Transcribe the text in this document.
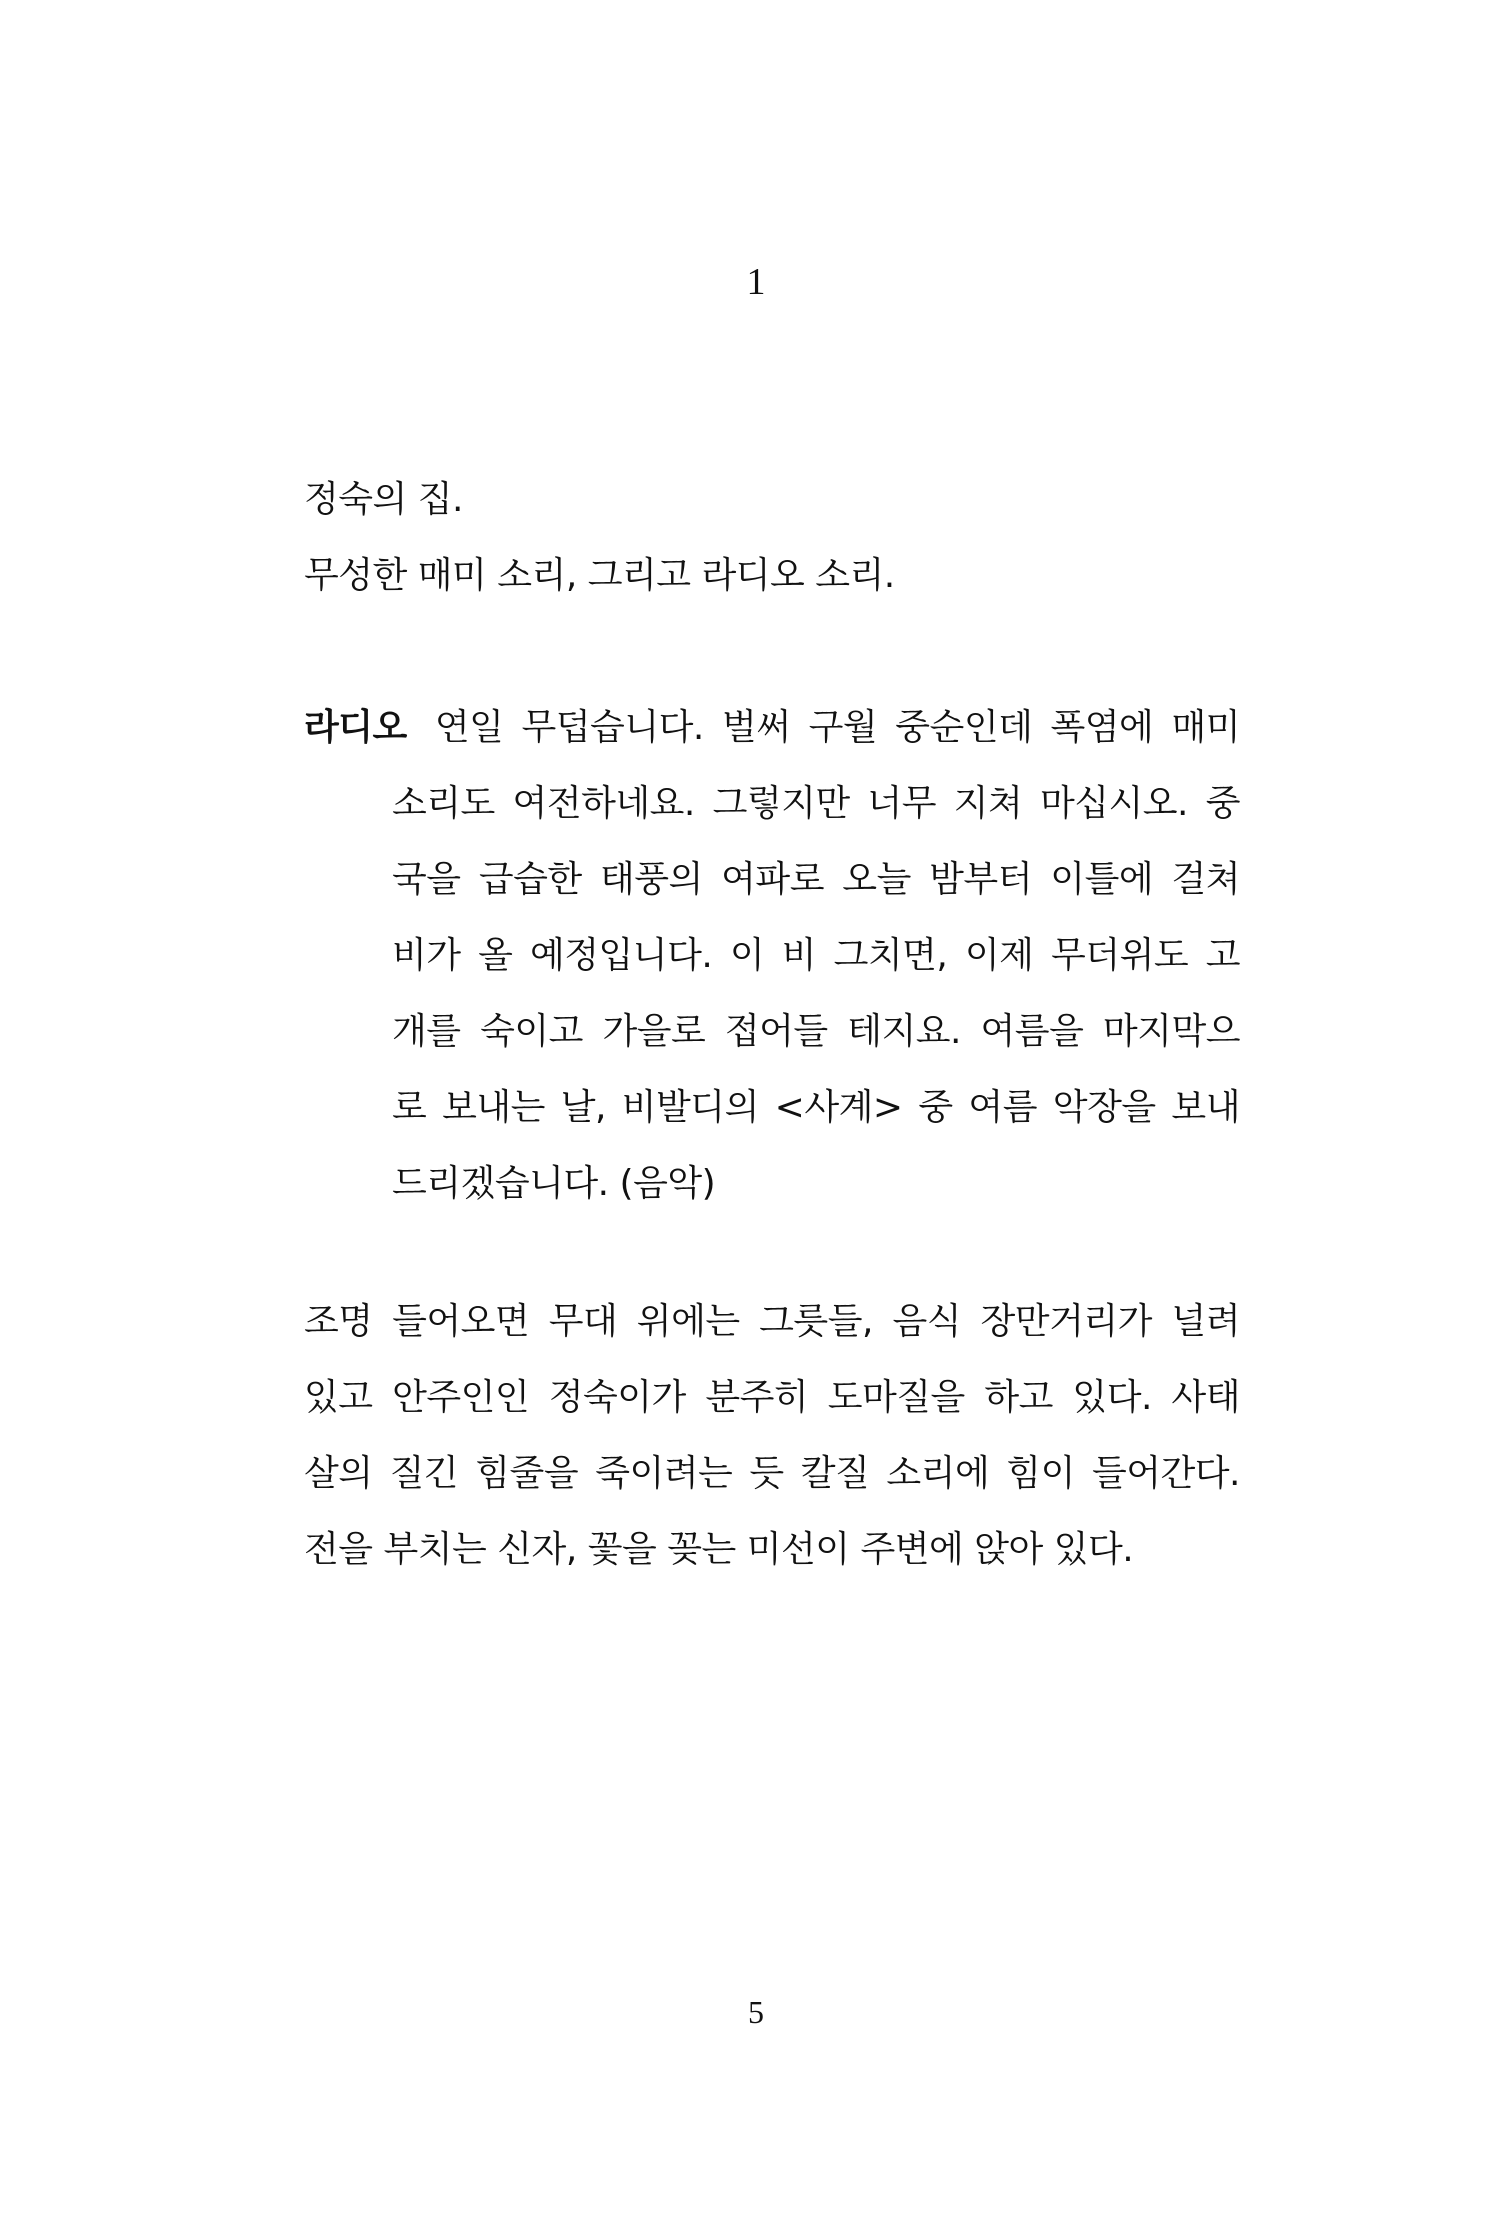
1
정숙의 집.
무성한 매미 소리, 그리고 라디오 소리.
라디오 연일 무덥습니다. 벌써 구월 중순인데 폭염에 매미
소리도 여전하네요. 그렇지만 너무 지쳐 마십시오. 중
국을 급습한 태풍의 여파로 오늘 밤부터 이틀에 걸쳐
비가 올 예정입니다. 이 비 그치면, 이제 무더위도 고
개를 숙이고 가을로 접어들 테지요. 여름을 마지막으
로 보내는 날, 비발디의 <사계> 중 여름 악장을 보내
드리겠습니다. (음악)
조명 들어오면 무대 위에는 그릇들, 음식 장만거리가 널려
있고 안주인인 정숙이가 분주히 도마질을 하고 있다. 사태
살의 질긴 힘줄을 죽이려는 듯 칼질 소리에 힘이 들어간다.
전을 부치는 신자, 꽃을 꽂는 미선이 주변에 앉아 있다.
5
